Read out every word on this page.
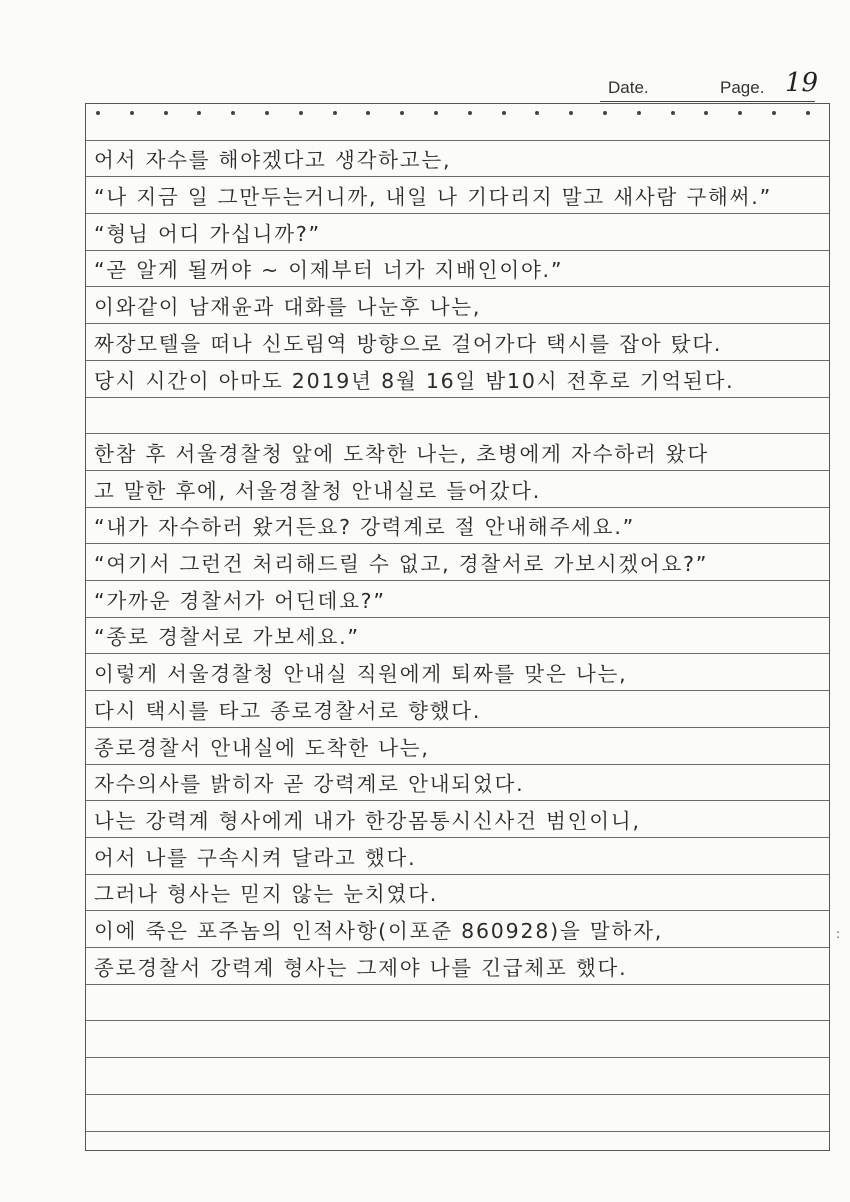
Date.	Page. 19
어서 자수를 해야겠다고 생각하고는,
“나 지금 일 그만두는거니까, 내일 나 기다리지 말고 새사람 구해써.”
“형님 어디 가십니까?”
“곧 알게 될꺼야 ~ 이제부터 너가 지배인이야.”
이와같이 남재윤과 대화를 나눈후 나는,
짜장모텔을 떠나 신도림역 방향으로 걸어가다 택시를 잡아 탔다.
당시 시간이 아마도 2019년 8월 16일 밤10시 전후로 기억된다.
한참 후 서울경찰청 앞에 도착한 나는, 초병에게 자수하러 왔다
고 말한 후에, 서울경찰청 안내실로 들어갔다.
“내가 자수하러 왔거든요? 강력계로 절 안내해주세요.”
“여기서 그런건 처리해드릴 수 없고, 경찰서로 가보시겠어요?”
“가까운 경찰서가 어딘데요?”
“종로 경찰서로 가보세요.”
이렇게 서울경찰청 안내실 직원에게 퇴짜를 맞은 나는,
다시 택시를 타고 종로경찰서로 향했다.
종로경찰서 안내실에 도착한 나는,
자수의사를 밝히자 곧 강력계로 안내되었다.
나는 강력계 형사에게 내가 한강몸통시신사건 범인이니,
어서 나를 구속시켜 달라고 했다.
그러나 형사는 믿지 않는 눈치였다.
이에 죽은 포주놈의 인적사항(이포준 860928)을 말하자,
종로경찰서 강력계 형사는 그제야 나를 긴급체포 했다.
:
